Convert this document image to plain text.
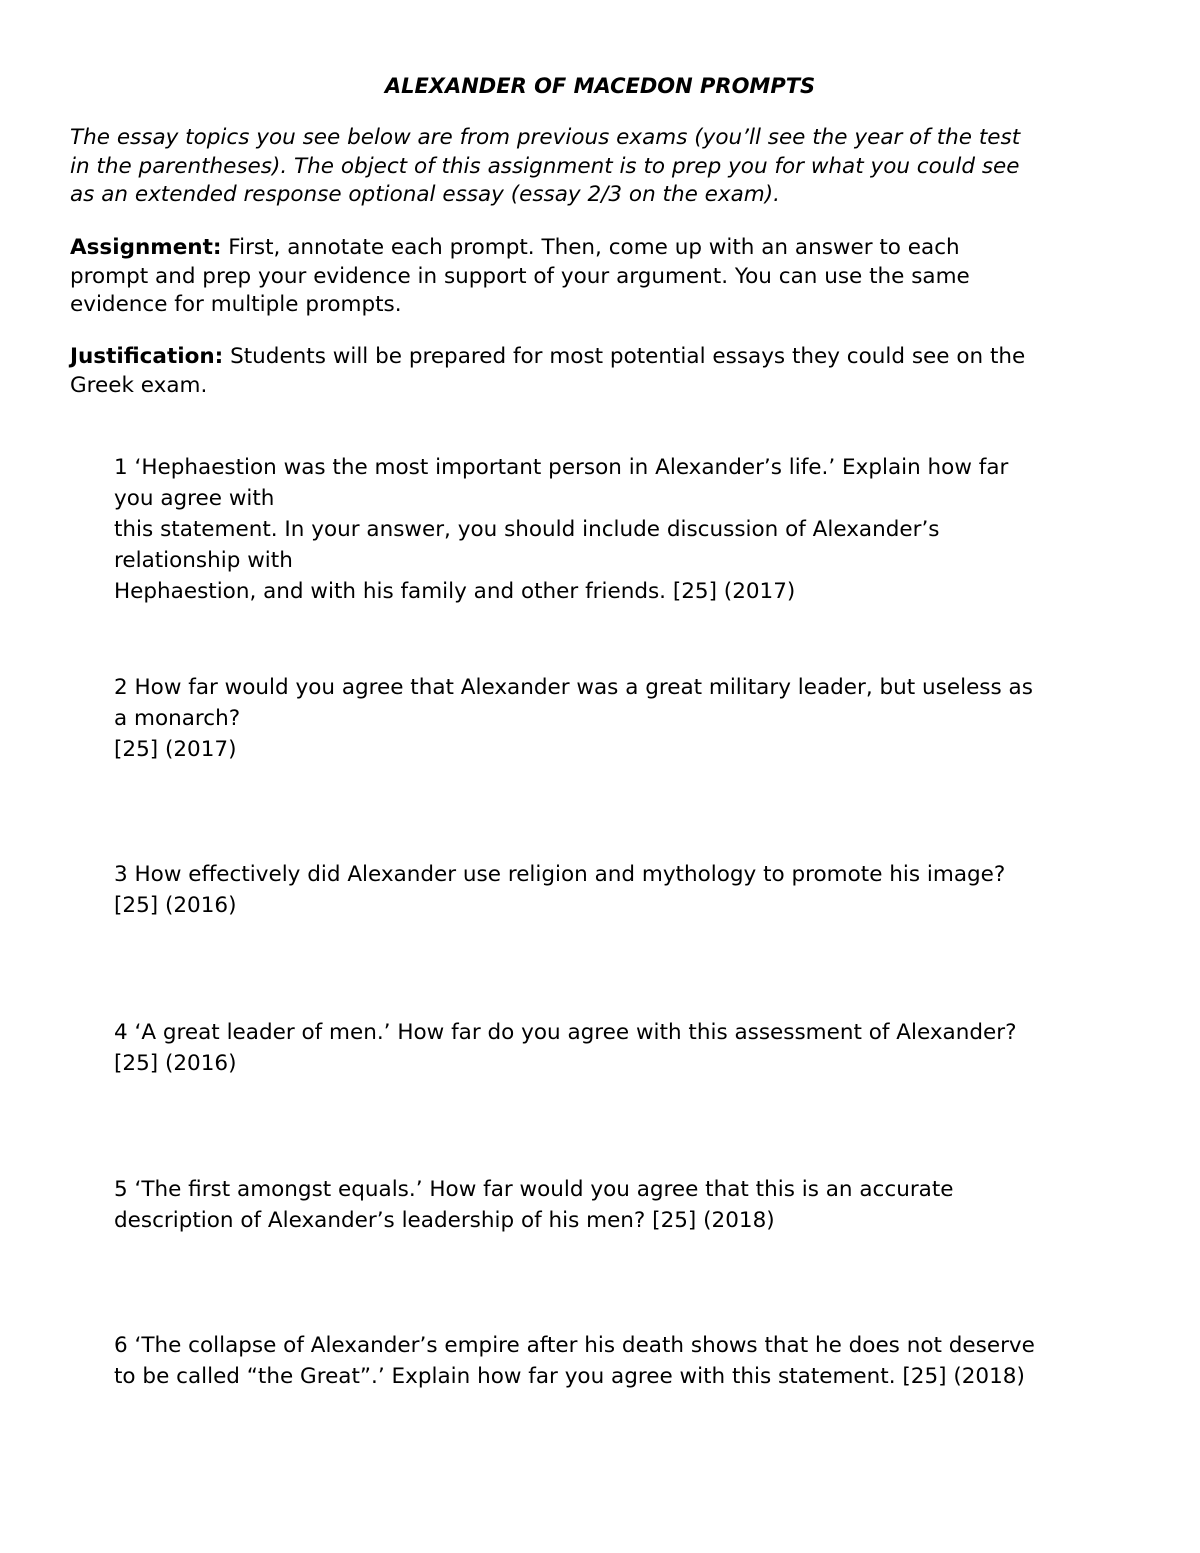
ALEXANDER OF MACEDON PROMPTS
The essay topics you see below are from previous exams (you’ll see the year of the test
in the parentheses). The object of this assignment is to prep you for what you could see
as an extended response optional essay (essay 2/3 on the exam).
Assignment: First, annotate each prompt. Then, come up with an answer to each
prompt and prep your evidence in support of your argument. You can use the same
evidence for multiple prompts.
Justification: Students will be prepared for most potential essays they could see on the
Greek exam.
1 ‘Hephaestion was the most important person in Alexander’s life.’ Explain how far
you agree with
this statement. In your answer, you should include discussion of Alexander’s
relationship with
Hephaestion, and with his family and other friends. [25] (2017)
2 How far would you agree that Alexander was a great military leader, but useless as
a monarch?
[25] (2017)
3 How effectively did Alexander use religion and mythology to promote his image?
[25] (2016)
4 ‘A great leader of men.’ How far do you agree with this assessment of Alexander?
[25] (2016)
5 ‘The first amongst equals.’ How far would you agree that this is an accurate
description of Alexander’s leadership of his men? [25] (2018)
6 ‘The collapse of Alexander’s empire after his death shows that he does not deserve
to be called “the Great”.’ Explain how far you agree with this statement. [25] (2018)
